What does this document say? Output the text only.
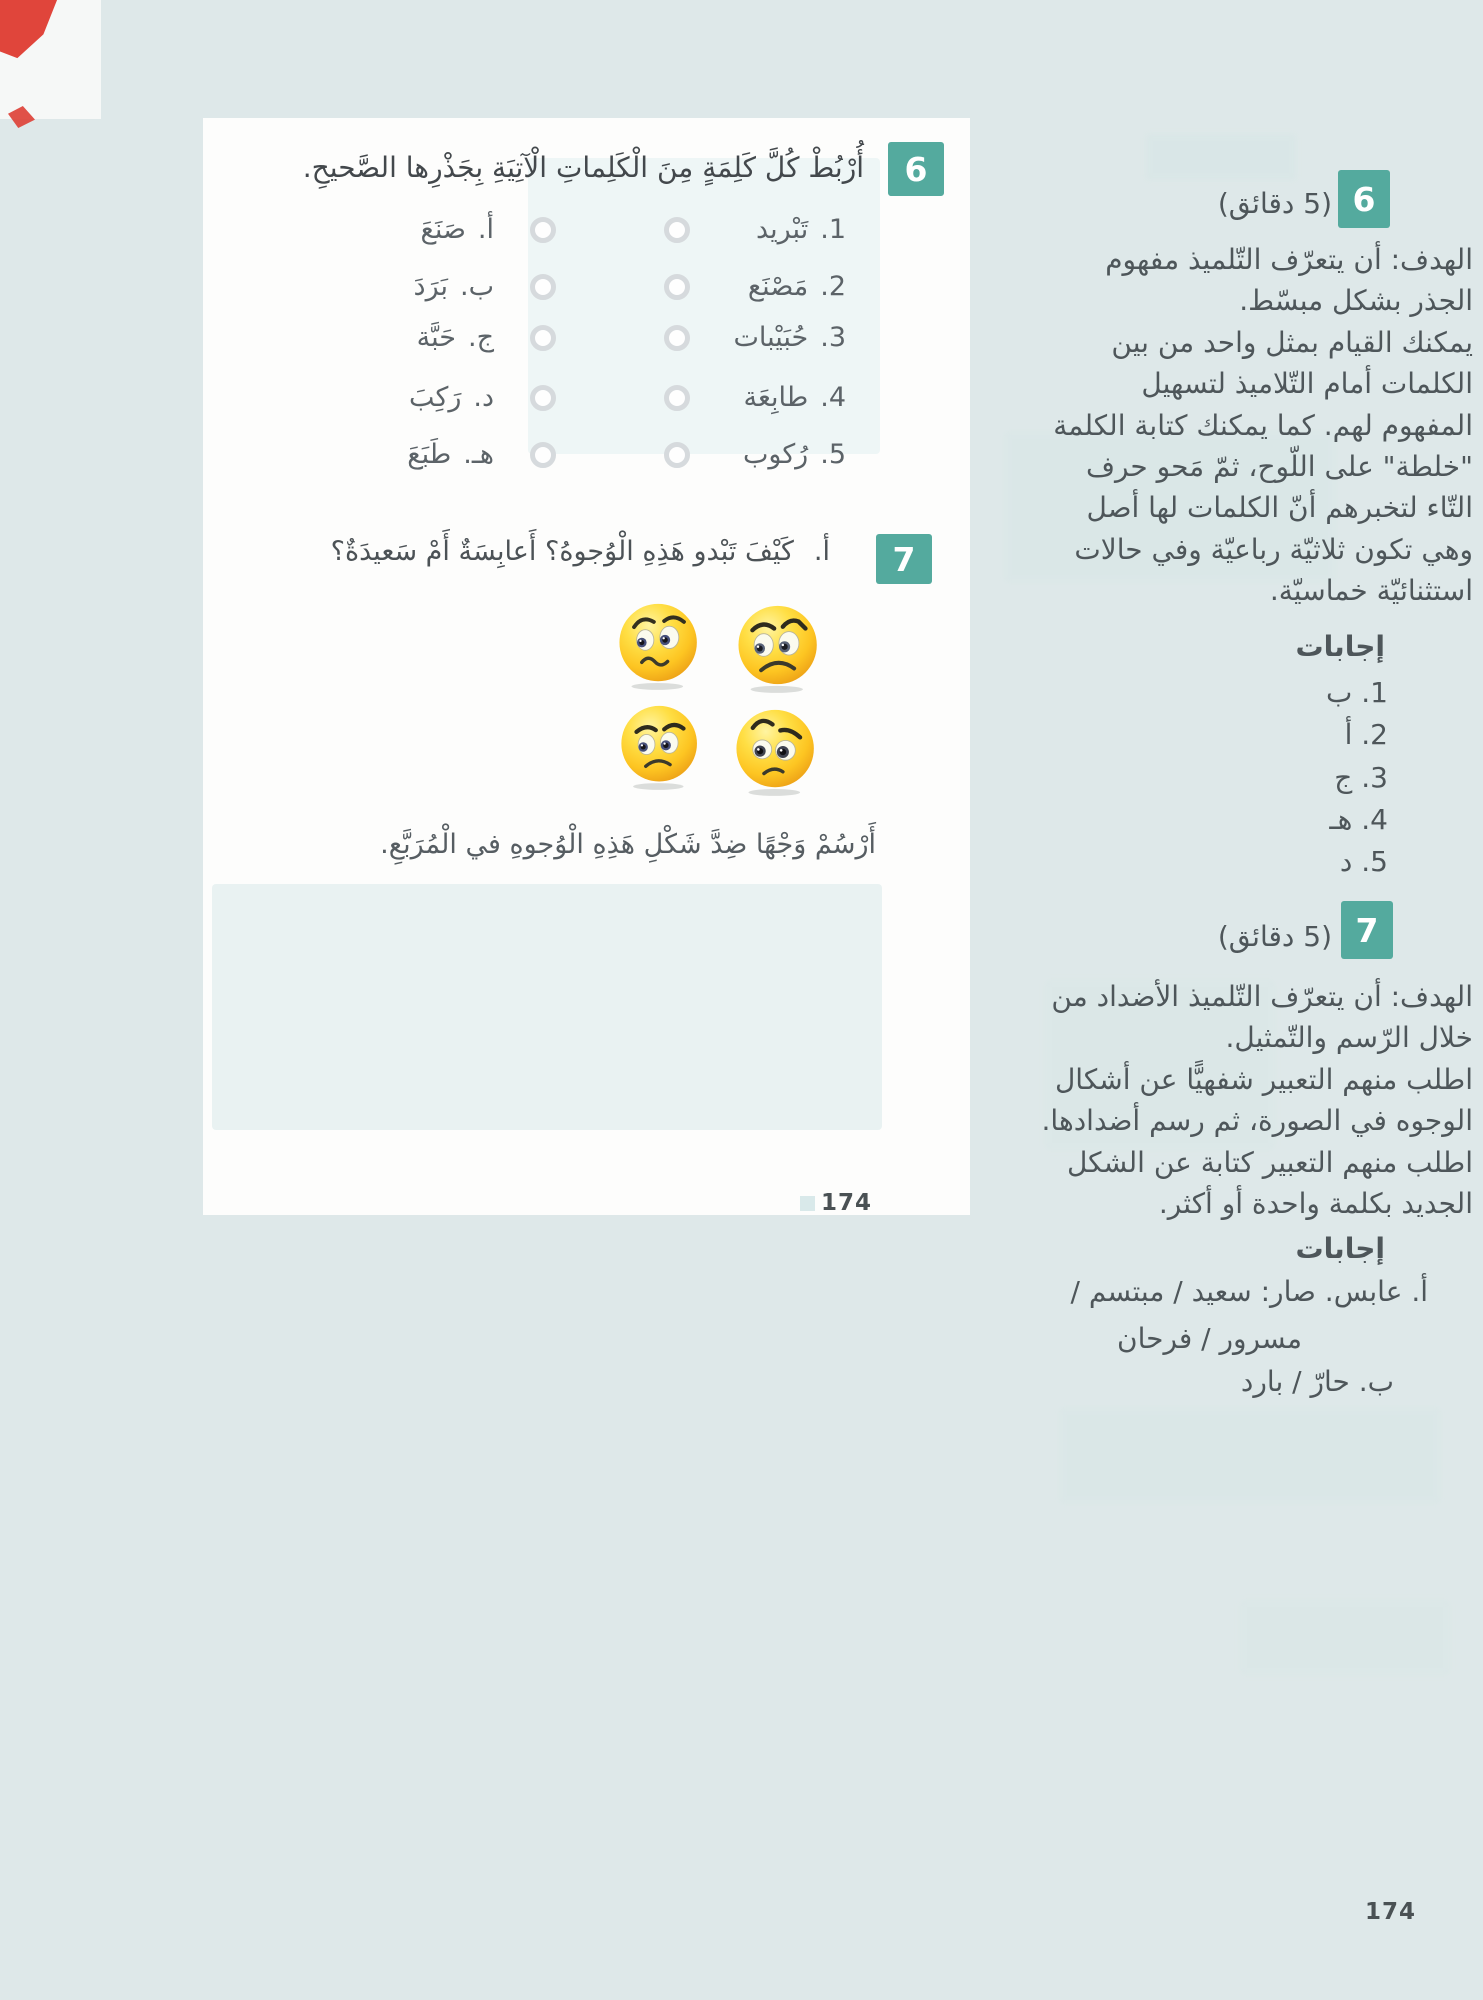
6
أُرْبُطْ كُلَّ كَلِمَةٍ مِنَ الْكَلِماتِ الْآتِيَةِ بِجَذْرِها الصَّحيحِ.
1.
تَبْريد
أ.
صَنَعَ
2.
مَصْنَع
ب.
بَرَدَ
3.
حُبَيْبات
ج.
حَبَّة
4.
طابِعَة
د.
رَكِبَ
5.
رُكوب
هـ.
طَبَعَ
7
أ.
كَيْفَ تَبْدو هَذِهِ الْوُجوهُ؟ أَعابِسَةٌ أَمْ سَعيدَةٌ؟
أَرْسُمْ وَجْهًا ضِدَّ شَكْلِ هَذِهِ الْوُجوهِ في الْمُرَبَّعِ.
174
6
(5 دقائق)
الهدف: أن يتعرّف التّلميذ مفهوم
الجذر بشكل مبسّط.
يمكنك القيام بمثل واحد من بين
الكلمات أمام التّلاميذ لتسهيل
المفهوم لهم. كما يمكنك كتابة الكلمة
"خلطة" على اللّوح، ثمّ مَحو حرف
التّاء لتخبرهم أنّ الكلمات لها أصل
وهي تكون ثلاثيّة رباعيّة وفي حالات
استثنائيّة خماسيّة.
إجابات
1. ب
2. أ
3. ج
4. هـ
5. د
7
(5 دقائق)
الهدف: أن يتعرّف التّلميذ الأضداد من
خلال الرّسم والتّمثيل.
اطلب منهم التعبير شفهيًّا عن أشكال
الوجوه في الصورة، ثم رسم أضدادها.
اطلب منهم التعبير كتابة عن الشكل
الجديد بكلمة واحدة أو أكثر.
إجابات
أ. عابس. صار: سعيد / مبتسم /
مسرور / فرحان
ب. حارّ / بارد
174
